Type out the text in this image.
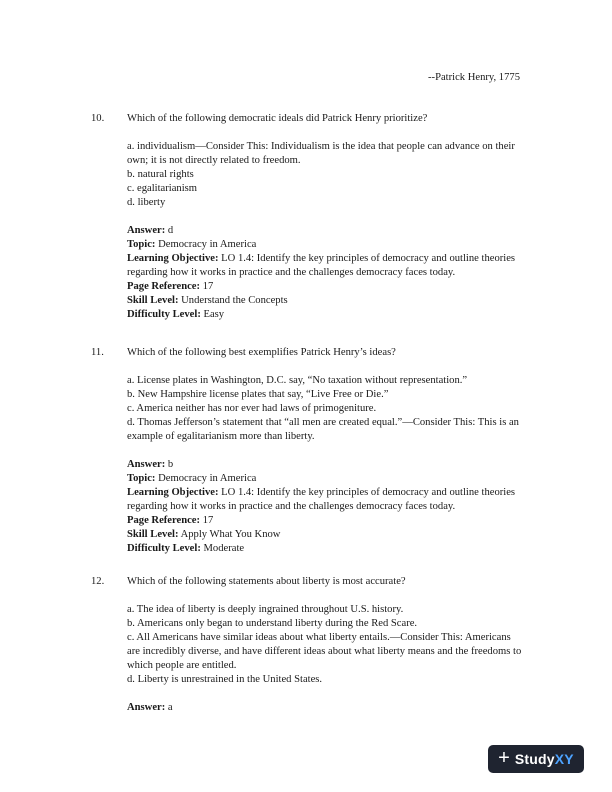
--Patrick Henry, 1775
10.	Which of the following democratic ideals did Patrick Henry prioritize?
a. individualism—Consider This: Individualism is the idea that people can advance on their own; it is not directly related to freedom.
b. natural rights
c. egalitarianism
d. liberty
Answer: d
Topic: Democracy in America
Learning Objective: LO 1.4: Identify the key principles of democracy and outline theories regarding how it works in practice and the challenges democracy faces today.
Page Reference: 17
Skill Level: Understand the Concepts
Difficulty Level: Easy
11.	Which of the following best exemplifies Patrick Henry’s ideas?
a. License plates in Washington, D.C. say, “No taxation without representation.”
b. New Hampshire license plates that say, “Live Free or Die.”
c. America neither has nor ever had laws of primogeniture.
d. Thomas Jefferson’s statement that “all men are created equal.”—Consider This: This is an example of egalitarianism more than liberty.
Answer: b
Topic: Democracy in America
Learning Objective: LO 1.4: Identify the key principles of democracy and outline theories regarding how it works in practice and the challenges democracy faces today.
Page Reference: 17
Skill Level: Apply What You Know
Difficulty Level: Moderate
12.	Which of the following statements about liberty is most accurate?
a. The idea of liberty is deeply ingrained throughout U.S. history.
b. Americans only began to understand liberty during the Red Scare.
c. All Americans have similar ideas about what liberty entails.—Consider This: Americans are incredibly diverse, and have different ideas about what liberty means and the freedoms to which people are entitled.
d. Liberty is unrestrained in the United States.
Answer: a
+ StudyXY
